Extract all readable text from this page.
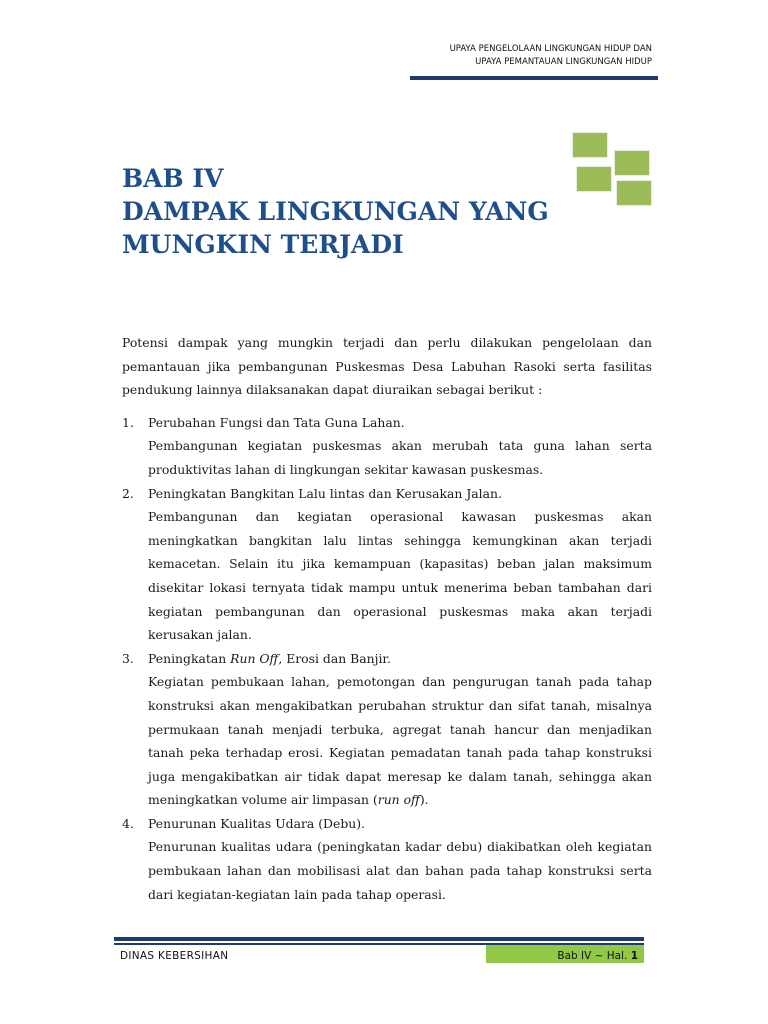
UPAYA PENGELOLAAN LINGKUNGAN HIDUP DAN
UPAYA PEMANTAUAN LINGKUNGAN HIDUP
BAB IV
DAMPAK LINGKUNGAN YANG
MUNGKIN TERJADI

Potensi dampak yang mungkin terjadi dan perlu dilakukan pengelolaan dan pemantauan jika pembangunan Puskesmas Desa Labuhan Rasoki serta fasilitas pendukung lainnya dilaksanakan dapat diuraikan sebagai berikut :

1.	Perubahan Fungsi dan Tata Guna Lahan.
Pembangunan kegiatan puskesmas akan merubah tata guna lahan serta produktivitas lahan di lingkungan sekitar kawasan puskesmas.
2.	Peningkatan Bangkitan Lalu lintas dan Kerusakan Jalan.
Pembangunan dan kegiatan operasional kawasan puskesmas akan meningkatkan bangkitan lalu lintas sehingga kemungkinan akan terjadi kemacetan. Selain itu jika kemampuan (kapasitas) beban jalan maksimum disekitar lokasi ternyata tidak mampu untuk menerima beban tambahan dari kegiatan pembangunan dan operasional puskesmas maka akan terjadi kerusakan jalan.
3.	Peningkatan Run Off, Erosi dan Banjir.
Kegiatan pembukaan lahan, pemotongan dan pengurugan tanah pada tahap konstruksi akan mengakibatkan perubahan struktur dan sifat tanah, misalnya permukaan tanah menjadi terbuka, agregat tanah hancur dan menjadikan tanah peka terhadap erosi. Kegiatan pemadatan tanah pada tahap konstruksi juga mengakibatkan air tidak dapat meresap ke dalam tanah, sehingga akan meningkatkan volume air limpasan (run off).
4.	Penurunan Kualitas Udara (Debu).
Penurunan kualitas udara (peningkatan kadar debu) diakibatkan oleh kegiatan pembukaan lahan dan mobilisasi alat dan bahan pada tahap konstruksi serta dari kegiatan-kegiatan lain pada tahap operasi.
DINAS KEBERSIHAN	Bab IV ~ Hal. 1
